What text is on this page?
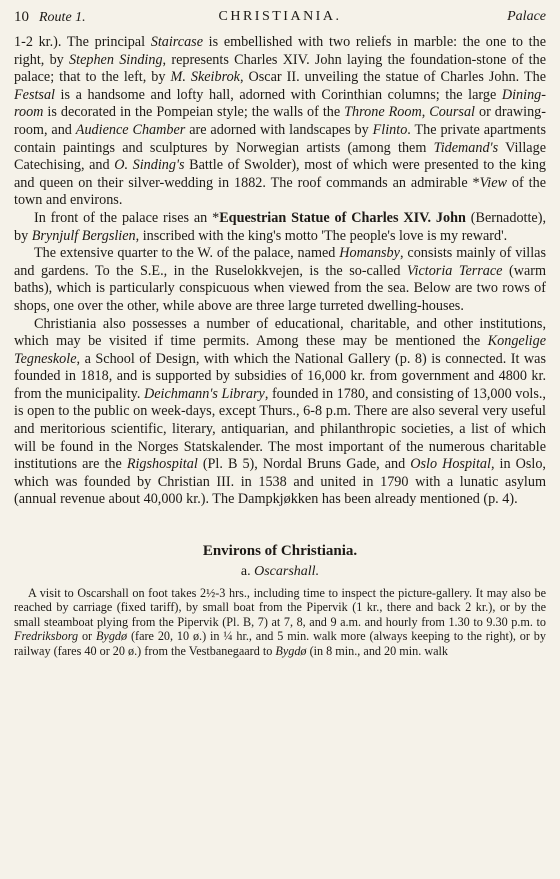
CHRISTIANIA.
10 Route 1.	Palace

1-2 kr.). The principal Staircase is embellished with two reliefs in marble: the one to the right, by Stephen Sinding, represents Charles XIV. John laying the foundation-stone of the palace; that to the left, by M. Skeibrok, Oscar II. unveiling the statue of Charles John. The Festsal is a handsome and lofty hall, adorned with Corinthian columns; the large Dining-room is decorated in the Pompeian style; the walls of the Throne Room, Coursal or drawing-room, and Audience Chamber are adorned with landscapes by Flinto. The private apartments contain paintings and sculptures by Norwegian artists (among them Tidemand's Village Catechising, and O. Sinding's Battle of Swolder), most of which were presented to the king and queen on their silver-wedding in 1882. The roof commands an admirable *View of the town and environs.

In front of the palace rises an *Equestrian Statue of Charles XIV. John (Bernadotte), by Brynjulf Bergslien, inscribed with the king's motto 'The people's love is my reward'.

The extensive quarter to the W. of the palace, named Homansby, consists mainly of villas and gardens. To the S.E., in the Ruselokkvejen, is the so-called Victoria Terrace (warm baths), which is particularly conspicuous when viewed from the sea. Below are two rows of shops, one over the other, while above are three large turreted dwelling-houses.

Christiania also possesses a number of educational, charitable, and other institutions, which may be visited if time permits. Among these may be mentioned the Kongelige Tegneskole, a School of Design, with which the National Gallery (p. 8) is connected. It was founded in 1818, and is supported by subsidies of 16,000 kr. from government and 4800 kr. from the municipality. Deichmann's Library, founded in 1780, and consisting of 13,000 vols., is open to the public on week-days, except Thurs., 6-8 p.m. There are also several very useful and meritorious scientific, literary, antiquarian, and philanthropic societies, a list of which will be found in the Norges Statskalender. The most important of the numerous charitable institutions are the Rigshospital (Pl. B 5), Nordal Bruns Gade, and Oslo Hospital, in Oslo, which was founded by Christian III. in 1538 and united in 1790 with a lunatic asylum (annual revenue about 40,000 kr.). The Dampkjøkken has been already mentioned (p. 4).

Environs of Christiania.
a. Oscarshall.

A visit to Oscarshall on foot takes 2½-3 hrs., including time to inspect the picture-gallery. It may also be reached by carriage (fixed tariff), by small boat from the Pipervik (1 kr., there and back 2 kr.), or by the small steamboat plying from the Pipervik (Pl. B, 7) at 7, 8, and 9 a.m. and hourly from 1.30 to 9.30 p.m. to Fredriksborg or Bygdø (fare 20, 10 ø.) in ¼ hr., and 5 min. walk more (always keeping to the right), or by railway (fares 40 or 20 ø.) from the Vestbanegaard to Bygdø (in 8 min., and 20 min. walk
